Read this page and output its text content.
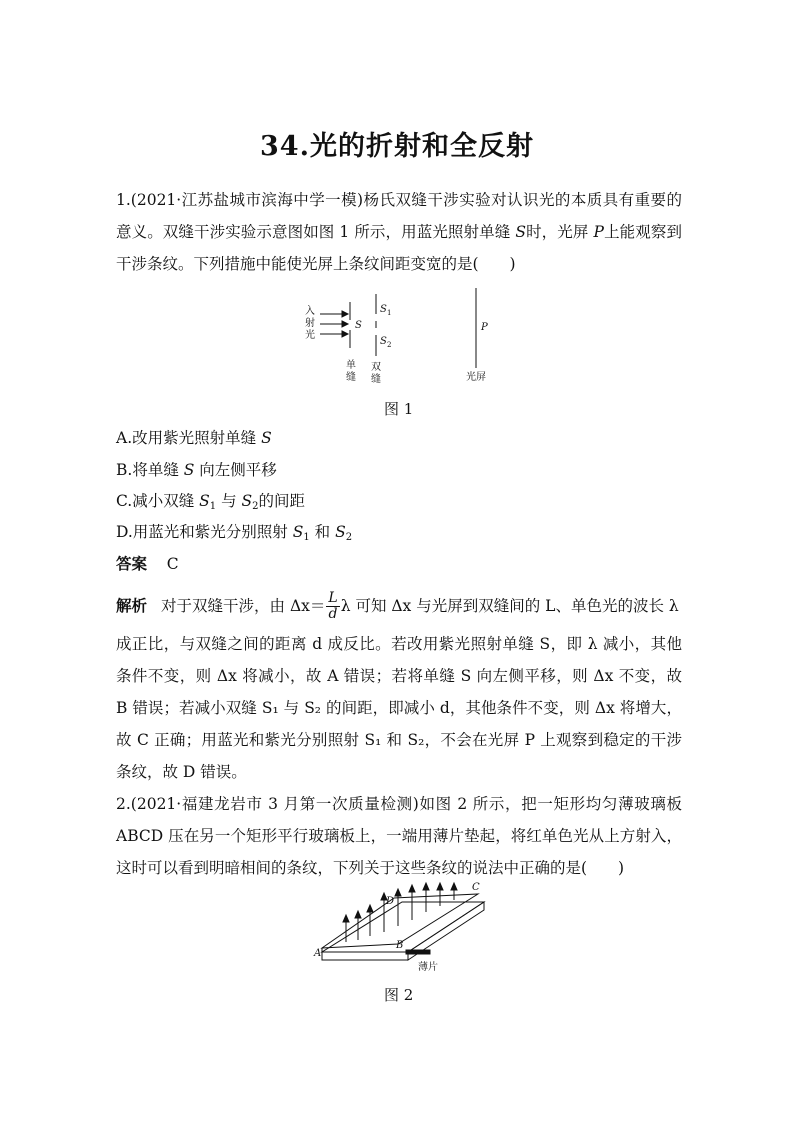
34.光的折射和全反射
1.(2021·江苏盐城市滨海中学一模)杨氏双缝干涉实验对认识光的本质具有重要的意义。双缝干涉实验示意图如图 1 所示，用蓝光照射单缝 S时，光屏 P上能观察到干涉条纹。下列措施中能使光屏上条纹间距变宽的是(　　)
入
射
光
S
S 1
S 2
P
单
缝
双
缝	光屏
图 1
A.改用紫光照射单缝 S
B.将单缝 S 向左侧平移
C.减小双缝 $S_1$ 与 $S_2$的间距
D.用蓝光和紫光分别照射 $S_1$ 和 $S_2$
答案 C
解析 对于双缝干涉，由 $\Delta x= \frac{L}{d}$ λ 可知 Δx 与光屏到双缝间的 L、单色光的波长 λ
成正比，与双缝之间的距离 d 成反比。若改用紫光照射单缝 S，即 λ 减小，其他条件不变，则 Δx 将减小，故 A 错误；若将单缝 S 向左侧平移，则 Δx 不变，故 B 错误；若减小双缝 S₁ 与 S₂ 的间距，即减小 d，其他条件不变，则 Δx 将增大，故 C 正确；用蓝光和紫光分别照射 S₁ 和 S₂，不会在光屏 P 上观察到稳定的干涉条纹，故 D 错误。
2.(2021·福建龙岩市 3 月第一次质量检测)如图 2 所示，把一矩形均匀薄玻璃板 ABCD 压在另一个矩形平行玻璃板上，一端用薄片垫起，将红单色光从上方射入，这时可以看到明暗相间的条纹，下列关于这些条纹的说法中正确的是(　　)
A
B
C
D
薄片
图 2
